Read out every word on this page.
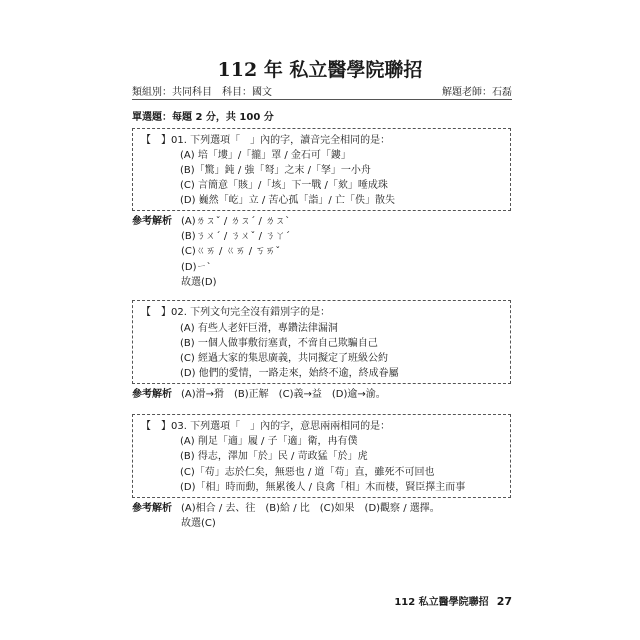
112 年 私立醫學院聯招
類組別：共同科目　科目：國文	解題老師：石磊
單選題：每題 2 分，共 100 分
【　】01. 下列選項「　」內的字，讀音完全相同的是：
(A) 培「塿」/「攏」罩 / 金石可「鏤」
(B)「驚」鈍 / 強「弩」之末 /「孥」一小舟
(C) 言簡意「賅」/「垓」下一戰 /「欬」唾成珠
(D) 巍然「屹」立 / 苦心孤「詣」/ 亡「佚」散失
參考解析 (A)ㄌㄡˇ / ㄌㄡˊ / ㄌㄡˋ
(B)ㄋㄨˊ / ㄋㄨˇ / ㄋㄚˊ
(C)ㄍㄞ / ㄍㄞ / ㄎㄞˇ
(D)ㄧˋ
故選(D)
【　】02. 下列文句完全沒有錯別字的是：
(A) 有些人老奸巨滑，專鑽法律漏洞
(B) 一個人做事敷衍塞責，不啻自己欺騙自己
(C) 經過大家的集思廣義，共同擬定了班級公約
(D) 他們的愛情，一路走來，始終不逾，終成眷屬
參考解析 (A)滑→猾　(B)正解　(C)義→益　(D)逾→渝。
【　】03. 下列選項「　」內的字，意思兩兩相同的是：
(A) 削足「適」履 / 子「適」衛，冉有僕
(B) 得志，澤加「於」民 / 苛政猛「於」虎
(C)「苟」志於仁矣，無惡也 / 道「苟」直，雖死不可回也
(D)「相」時而動，無累後人 / 良禽「相」木而棲，賢臣擇主而事
參考解析 (A)相合 / 去、往　(B)給 / 比　(C)如果　(D)觀察 / 選擇。
故選(C)
112 私立醫學院聯招 27
